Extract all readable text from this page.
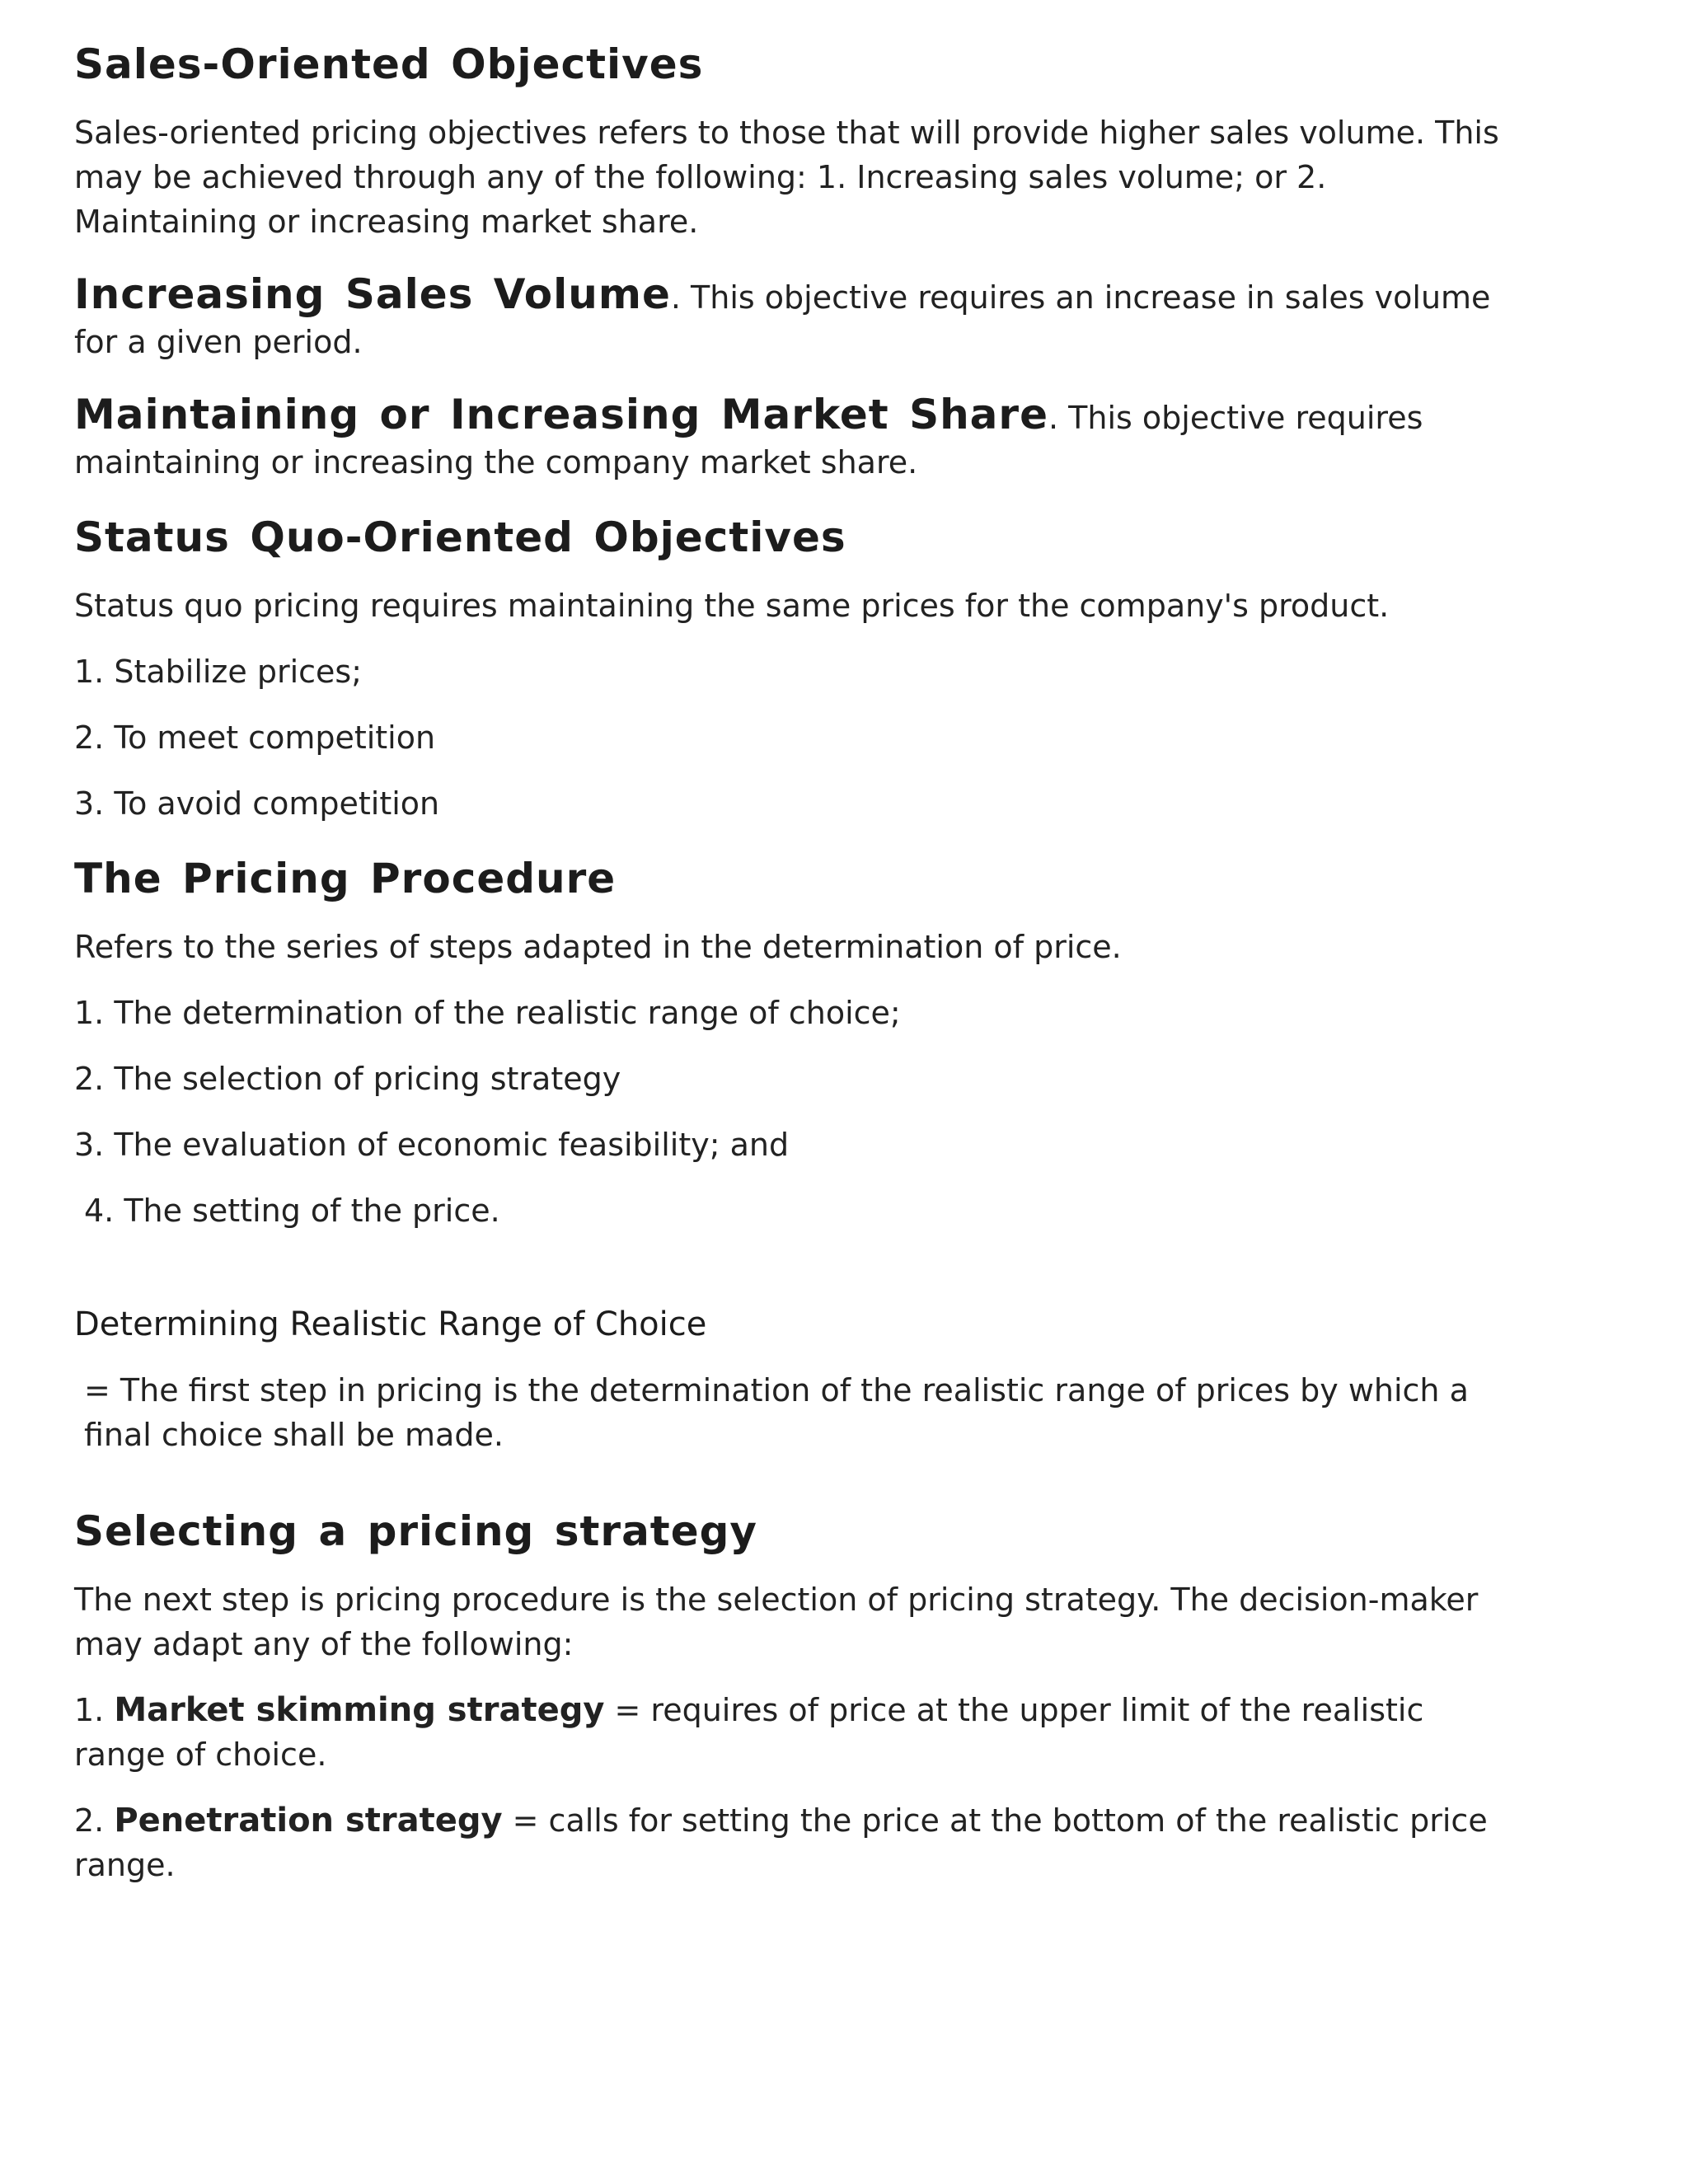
Sales-Oriented Objectives

Sales-oriented pricing objectives refers to those that will provide higher sales volume. This may be achieved through any of the following: 1. Increasing sales volume; or 2. Maintaining or increasing market share.

Increasing Sales Volume. This objective requires an increase in sales volume for a given period.

Maintaining or Increasing Market Share. This objective requires maintaining or increasing the company market share.

Status Quo-Oriented Objectives

Status quo pricing requires maintaining the same prices for the company's product.

1. Stabilize prices;

2. To meet competition

3. To avoid competition

The Pricing Procedure

Refers to the series of steps adapted in the determination of price.

1. The determination of the realistic range of choice;

2. The selection of pricing strategy

3. The evaluation of economic feasibility; and

4. The setting of the price.

Determining Realistic Range of Choice

= The first step in pricing is the determination of the realistic range of prices by which a final choice shall be made.

Selecting a pricing strategy

The next step is pricing procedure is the selection of pricing strategy. The decision-maker may adapt any of the following:

1. Market skimming strategy = requires of price at the upper limit of the realistic range of choice.

2. Penetration strategy = calls for setting the price at the bottom of the realistic price range.
